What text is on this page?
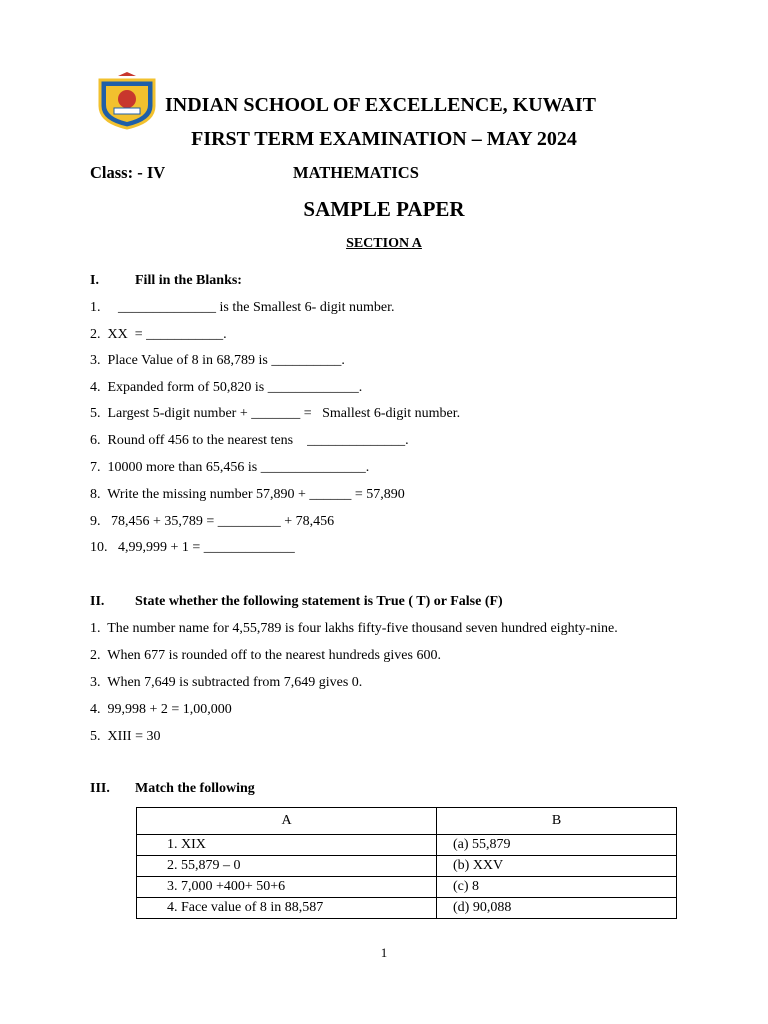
INDIAN SCHOOL OF EXCELLENCE, KUWAIT
FIRST TERM EXAMINATION – MAY 2024
Class: - IV	MATHEMATICS
SAMPLE PAPER
SECTION A
I.	Fill in the Blanks:
1.     ______________ is the Smallest 6- digit number.
2.  XX  = ___________.
3.  Place Value of 8 in 68,789 is __________.
4.  Expanded form of 50,820 is _____________.
5.  Largest 5-digit number + _______ =   Smallest 6-digit number.
6.  Round off 456 to the nearest tens    ______________.
7.  10000 more than 65,456 is _______________.
8.  Write the missing number 57,890 + ______ = 57,890
9.   78,456 + 35,789 = _________ + 78,456
10.   4,99,999 + 1 = _____________
II. State whether the following statement is True ( T) or False (F)
1.  The number name for 4,55,789 is four lakhs fifty-five thousand seven hundred eighty-nine.
2.  When 677 is rounded off to the nearest hundreds gives 600.
3.  When 7,649 is subtracted from 7,649 gives 0.
4.  99,998 + 2 = 1,00,000
5.  XIII = 30
III. Match the following
A	B
1. XIX	(a) 55,879
2. 55,879 – 0	(b) XXV
3. 7,000 +400+ 50+6	(c) 8
4. Face value of 8 in 88,587	(d) 90,088
1
